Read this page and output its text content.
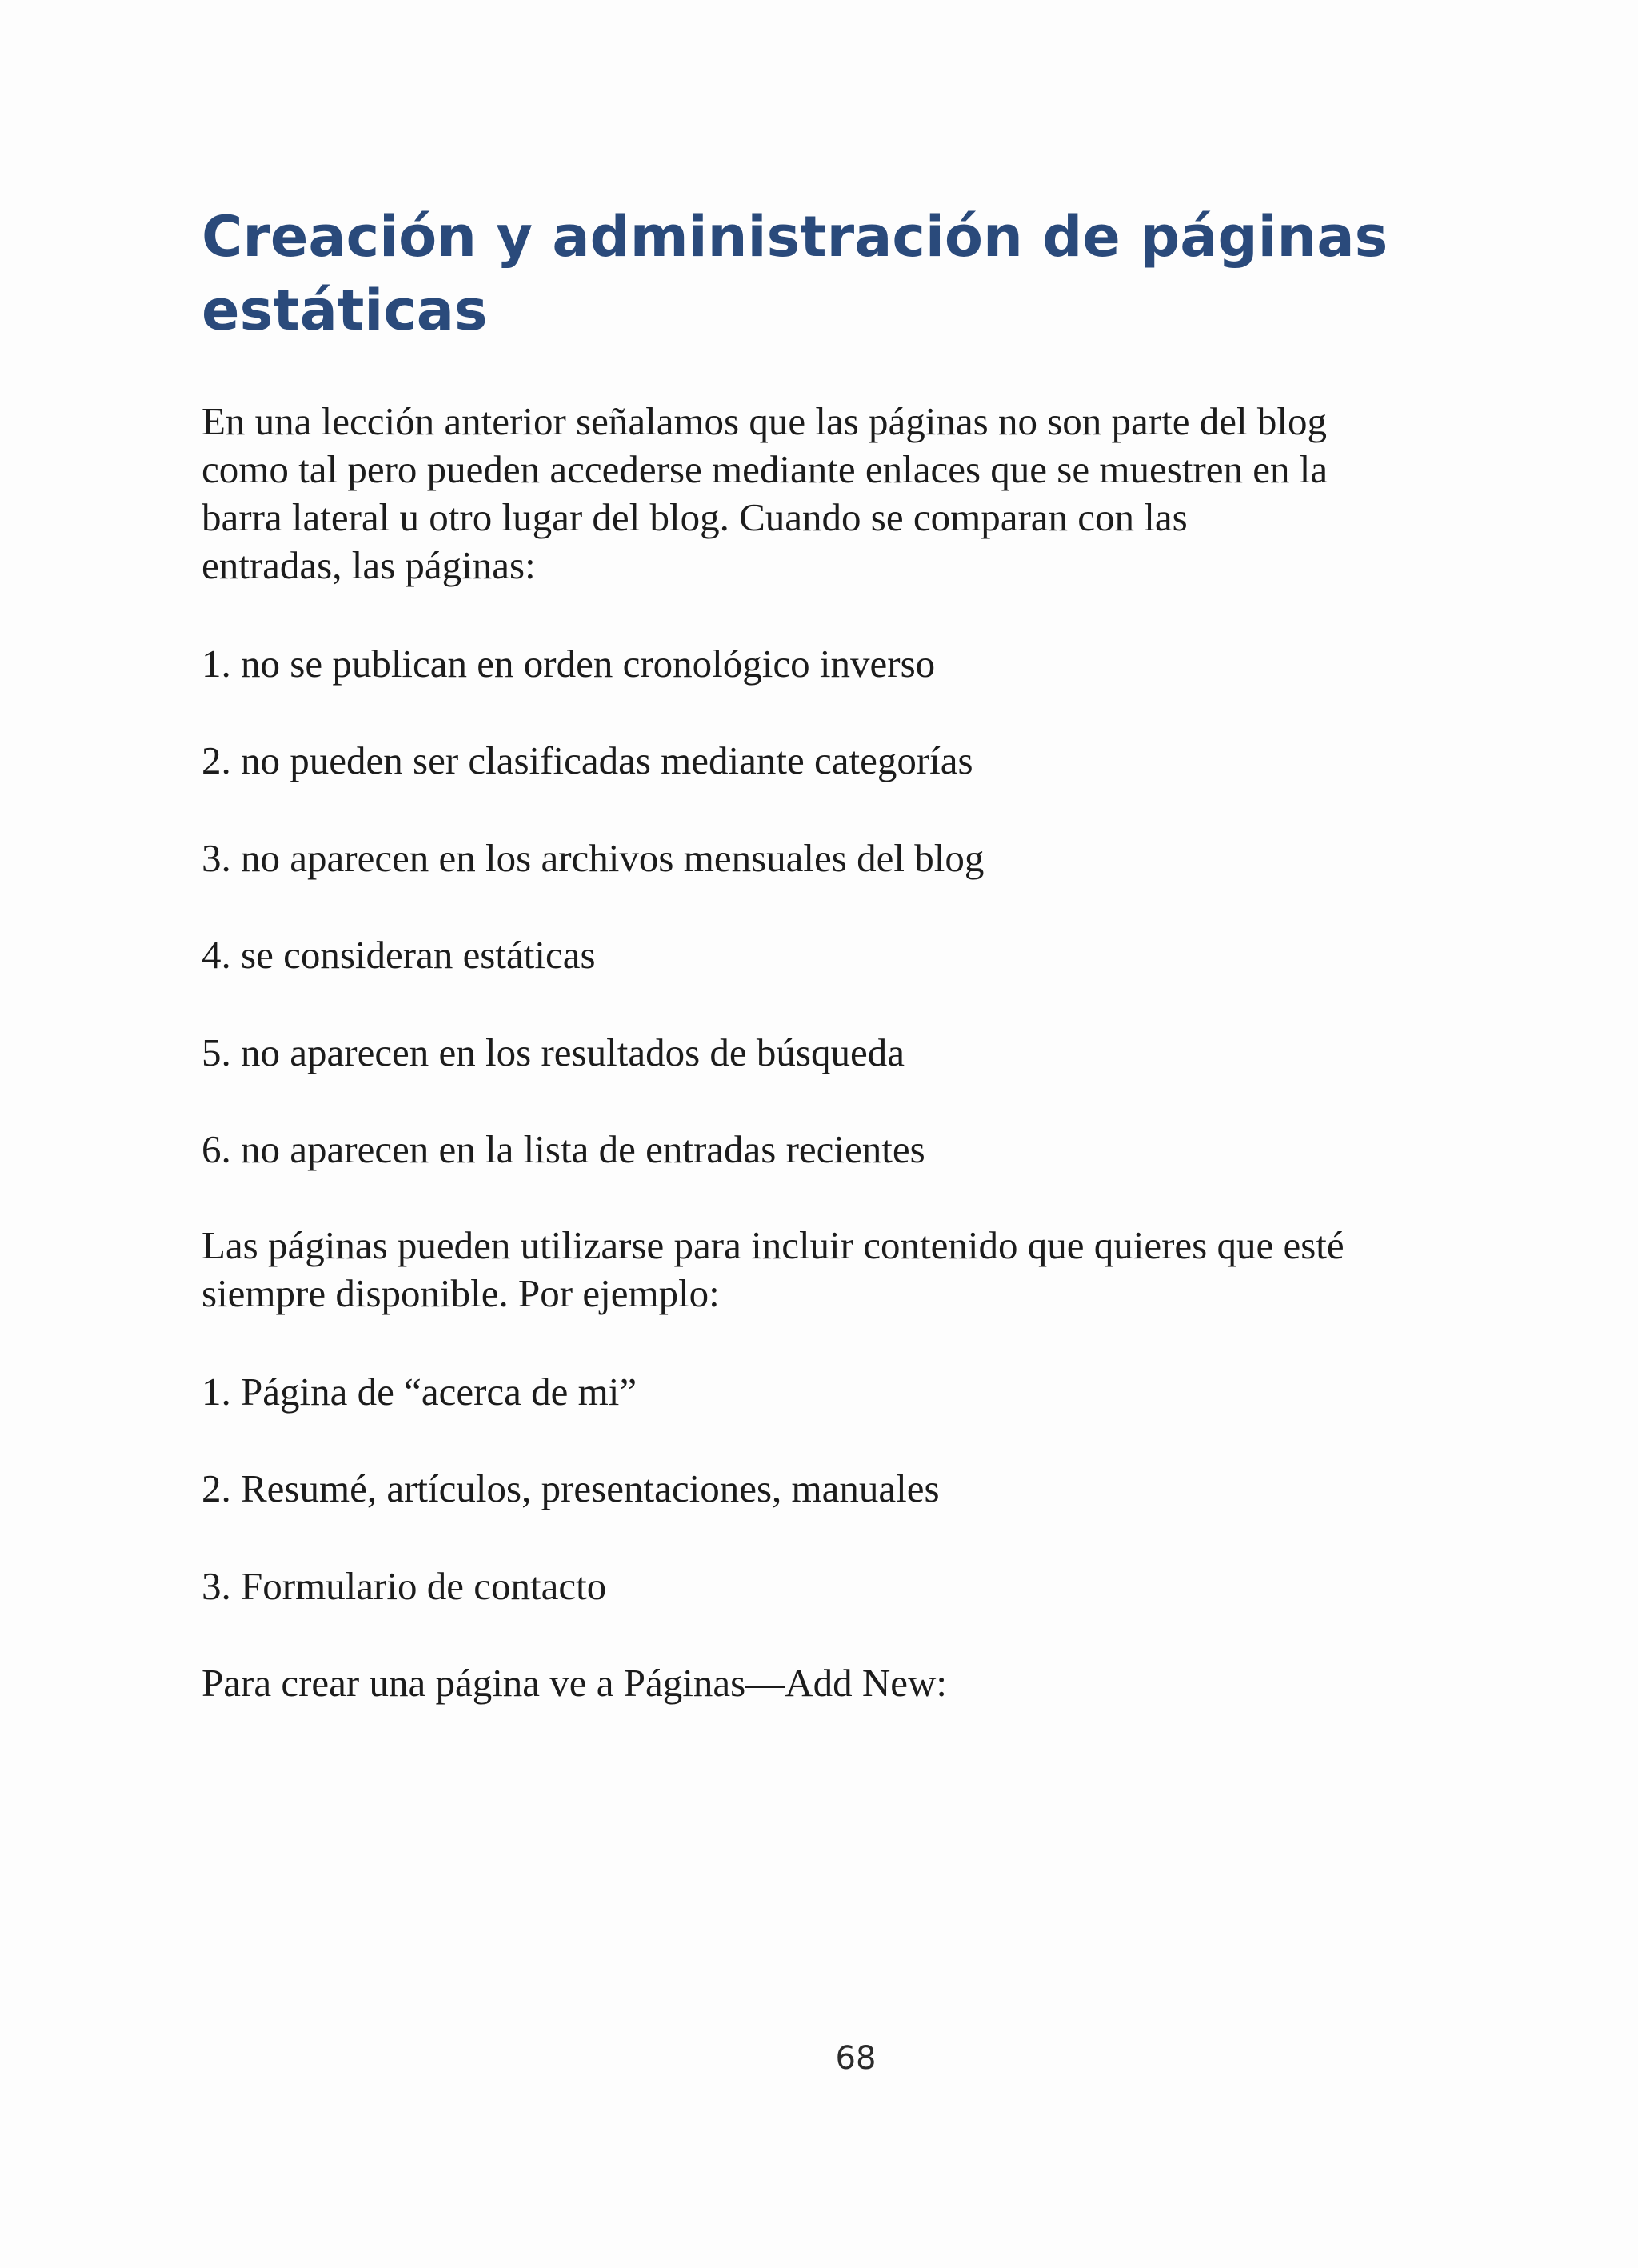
Creación y administración de páginas
estáticas

En una lección anterior señalamos que las páginas no son parte del blog
como tal pero pueden accederse mediante enlaces que se muestren en la
barra lateral u otro lugar del blog. Cuando se comparan con las
entradas, las páginas:

1. no se publican en orden cronológico inverso

2. no pueden ser clasificadas mediante categorías

3. no aparecen en los archivos mensuales del blog

4. se consideran estáticas

5. no aparecen en los resultados de búsqueda

6. no aparecen en la lista de entradas recientes

Las páginas pueden utilizarse para incluir contenido que quieres que esté
siempre disponible. Por ejemplo:

1. Página de “acerca de mi”

2. Resumé, artículos, presentaciones, manuales

3. Formulario de contacto

Para crear una página ve a Páginas—Add New:

68
